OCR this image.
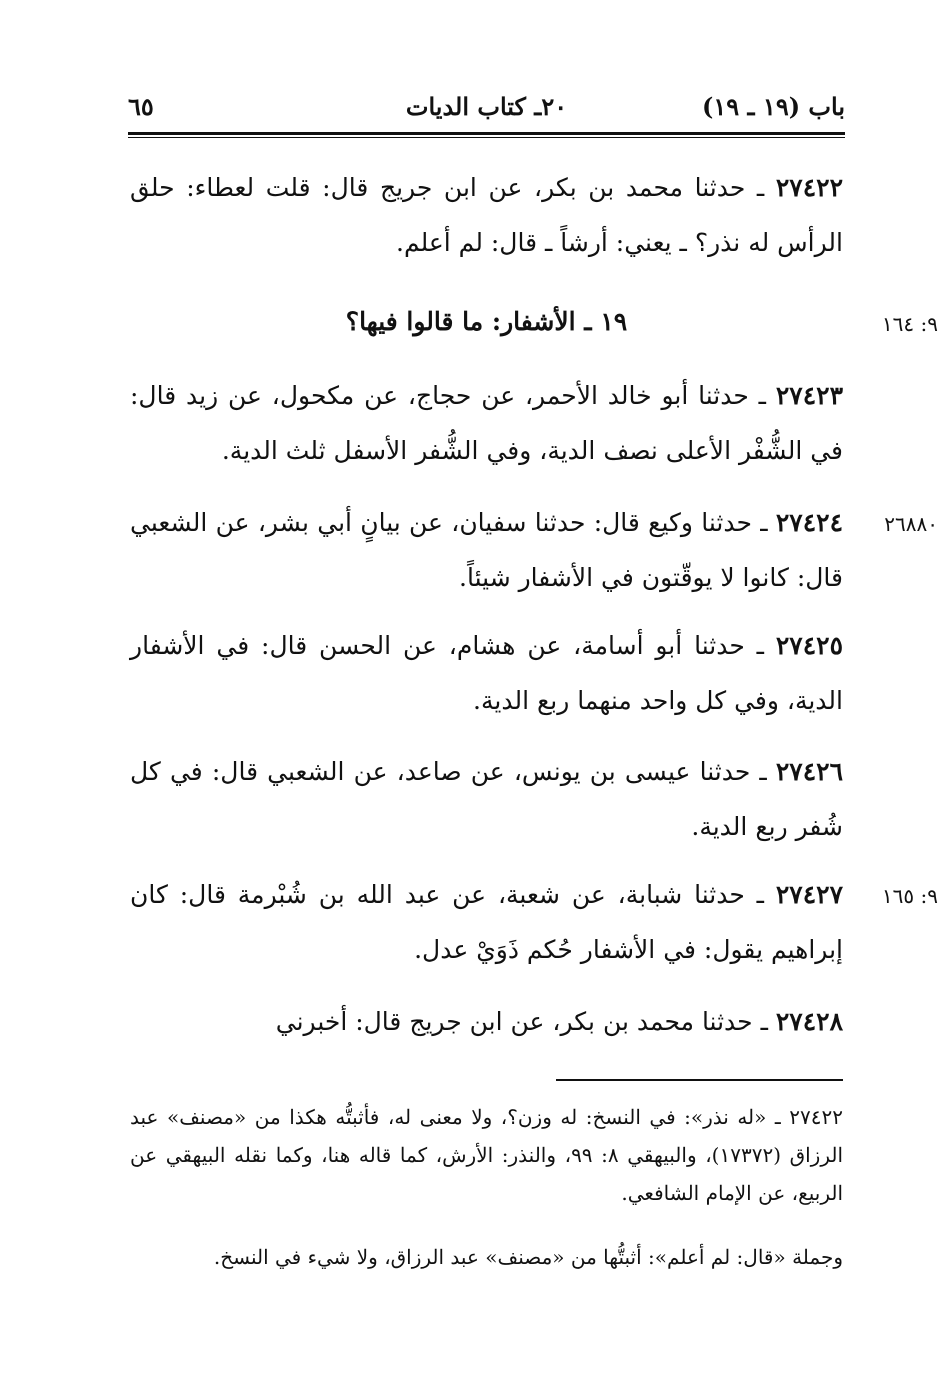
باب (١٩ ـ ١٩)
٢٠ـ كتاب الديات
٦٥
٢٧٤٢٢ ـ حدثنا محمد بن بكر، عن ابن جريج قال: قلت لعطاء: حلق الرأس له نذر؟ ـ يعني: أرشاً ـ قال: لم أعلم.
١٩ ـ الأشفار: ما قالوا فيها؟	٩: ١٦٤
٢٧٤٢٣ ـ حدثنا أبو خالد الأحمر، عن حجاج، عن مكحول، عن زيد قال: في الشُّفْر الأعلى نصف الدية، وفي الشُّفر الأسفل ثلث الدية.
٢٧٤٢٤ ـ حدثنا وكيع قال: حدثنا سفيان، عن بيانٍ أبي بشر، عن الشعبي قال: كانوا لا يوقّتون في الأشفار شيئاً.
٢٦٨٨٠
٢٧٤٢٥ ـ حدثنا أبو أسامة، عن هشام، عن الحسن قال: في الأشفار الدية، وفي كل واحد منهما ربع الدية.
٢٧٤٢٦ ـ حدثنا عيسى بن يونس، عن صاعد، عن الشعبي قال: في كل شُفر ربع الدية.
٢٧٤٢٧ ـ حدثنا شبابة، عن شعبة، عن عبد الله بن شُبْرمة قال: كان إبراهيم يقول: في الأشفار حُكم ذَوَيْ عدل.
٩: ١٦٥
٢٧٤٢٨ ـ حدثنا محمد بن بكر، عن ابن جريج قال: أخبرني
٢٧٤٢٢ ـ «له نذر»: في النسخ: له وزن؟، ولا معنى له، فأثبتُّه هكذا من «مصنف» عبد الرزاق (١٧٣٧٢)، والبيهقي ٨: ٩٩، والنذر: الأرش، كما قاله هنا، وكما نقله البيهقي عن الربيع، عن الإمام الشافعي.
وجملة «قال: لم أعلم»: أثبتُّها من «مصنف» عبد الرزاق، ولا شيء في النسخ.
